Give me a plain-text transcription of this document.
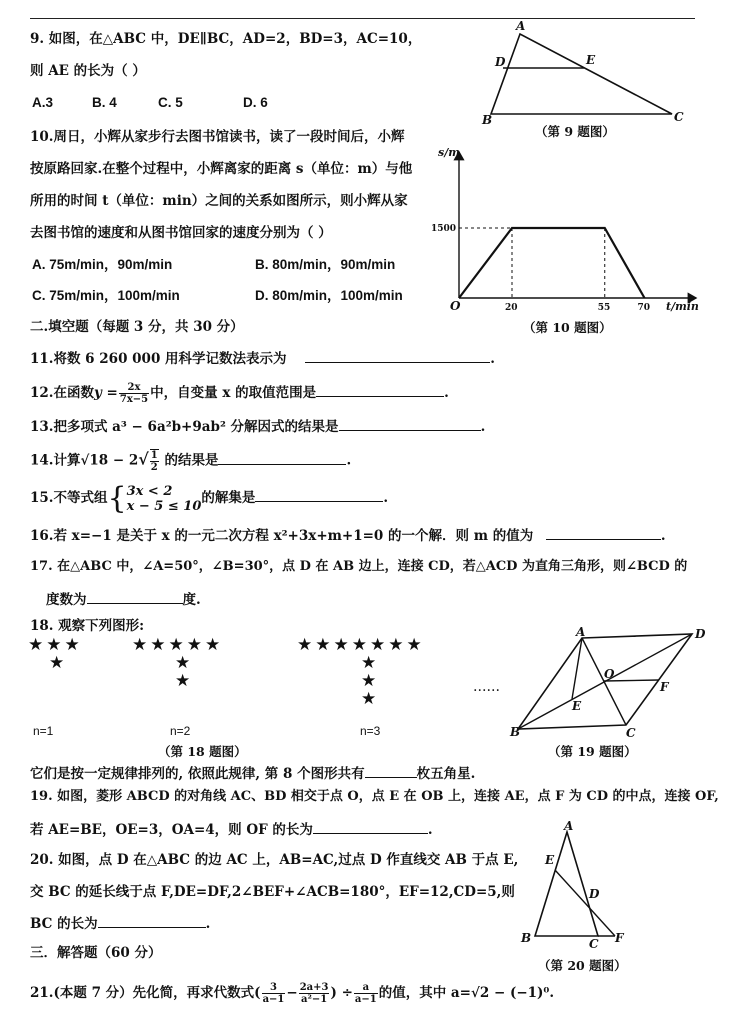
9. 如图，在△ABC 中，DE∥BC，AD=2，BD=3，AC=10，
则 AE 的长为（ ）
A.3	B. 4	C. 5	D. 6
A
D	E
B	C
（第 9 题图）
10.周日，小辉从家步行去图书馆读书，读了一段时间后，小辉
按原路回家.在整个过程中，小辉离家的距离 s（单位：m）与他
所用的时间 t（单位：min）之间的关系如图所示，则小辉从家
去图书馆的速度和从图书馆回家的速度分别为（ ）
A. 75m/min，90m/min	B. 80m/min，90m/min
C. 75m/min，100m/min	D. 80m/min，100m/min
20	55	70
1500
s/m
t/min
O
（第 10 题图）
二.填空题（每题 3 分，共 30 分）
11.将数 6 260 000 用科学记数法表示为	.
12.在函数$y = \frac{2x}{7x-5}$ 中，自变量 x 的取值范围是	.
13.把多项式 a³ − 6a²b+9ab² 分解因式的结果是	.
14.计算$√18 - 2√ \frac{1}{2}$ 的结果是	.
15.不等式组{ 3x < 2
x − 5 ≤ 10 的解集是	.
16.若 x=−1 是关于 x 的一元二次方程 x²+3x+m+1=0 的一个解．则 m 的值为	.
17. 在△ABC 中，∠A=50°，∠B=30°，点 D 在 AB 边上，连接 CD，若△ACD 为直角三角形，则∠BCD 的
度数为	度.
18. 观察下列图形:
★★★
★
★★★★★
★
★
★★★★★★★
★
★
★
……
n=1	n=2	n=3
（第 18 题图）
A	D
O
F
E
B	C
（第 19 题图）
它们是按一定规律排列的, 依照此规律, 第 8 个图形共有	枚五角星.
19. 如图，菱形 ABCD 的对角线 AC、BD 相交于点 O，点 E 在 OB 上，连接 AE，点 F 为 CD 的中点，连接 OF,
若 AE=BE，OE=3，OA=4，则 OF 的长为	.
20. 如图，点 D 在△ABC 的边 AC 上，AB=AC,过点 D 作直线交 AB 于点 E,
交 BC 的延长线于点 F,DE=DF,2∠BEF+∠ACB=180°，EF=12,CD=5,则
BC 的长为	.
A
E
D
B	C F
（第 20 题图）
三．解答题（60 分）
21.(本题 7 分）先化简，再求代数式( $\frac{3}{a-1} - \frac{2a+3}{\text{a²−1}}$ ) ÷ $\frac{a}{a-1}$ 的值，其中 a=√2 − (−1)⁰.
